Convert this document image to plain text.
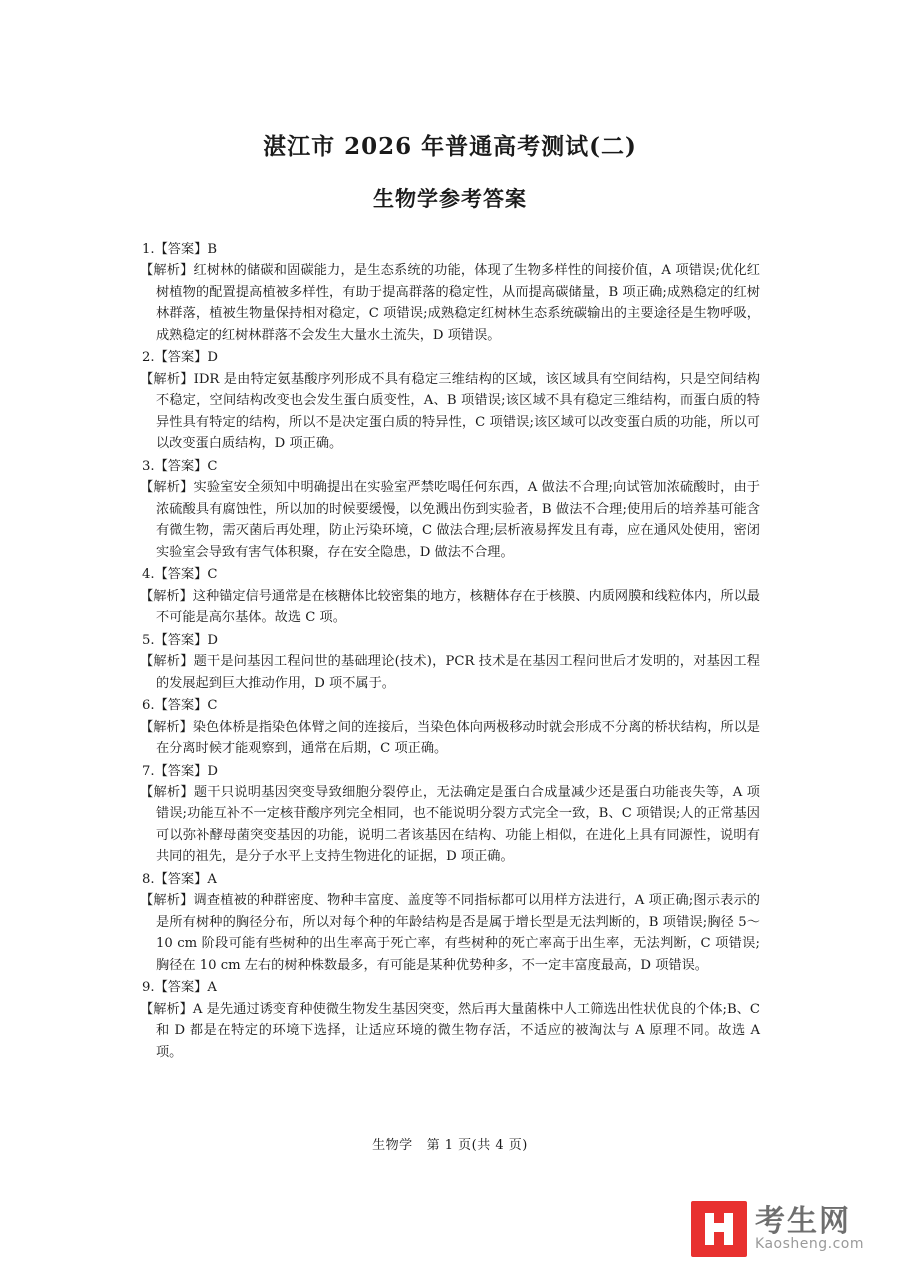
湛江市 2026 年普通高考测试(二)
生物学参考答案
1.【答案】B
【解析】红树林的储碳和固碳能力，是生态系统的功能，体现了生物多样性的间接价值，A 项错误;优化红树植物的配置提高植被多样性，有助于提高群落的稳定性，从而提高碳储量，B 项正确;成熟稳定的红树林群落，植被生物量保持相对稳定，C 项错误;成熟稳定红树林生态系统碳输出的主要途径是生物呼吸，成熟稳定的红树林群落不会发生大量水土流失，D 项错误。
2.【答案】D
【解析】IDR 是由特定氨基酸序列形成不具有稳定三维结构的区域，该区域具有空间结构，只是空间结构不稳定，空间结构改变也会发生蛋白质变性，A、B 项错误;该区域不具有稳定三维结构，而蛋白质的特异性具有特定的结构，所以不是决定蛋白质的特异性，C 项错误;该区域可以改变蛋白质的功能，所以可以改变蛋白质结构，D 项正确。
3.【答案】C
【解析】实验室安全须知中明确提出在实验室严禁吃喝任何东西，A 做法不合理;向试管加浓硫酸时，由于浓硫酸具有腐蚀性，所以加的时候要缓慢，以免溅出伤到实验者，B 做法不合理;使用后的培养基可能含有微生物，需灭菌后再处理，防止污染环境，C 做法合理;层析液易挥发且有毒，应在通风处使用，密闭实验室会导致有害气体积聚，存在安全隐患，D 做法不合理。
4.【答案】C
【解析】这种锚定信号通常是在核糖体比较密集的地方，核糖体存在于核膜、内质网膜和线粒体内，所以最不可能是高尔基体。故选 C 项。
5.【答案】D
【解析】题干是问基因工程问世的基础理论(技术)，PCR 技术是在基因工程问世后才发明的，对基因工程的发展起到巨大推动作用，D 项不属于。
6.【答案】C
【解析】染色体桥是指染色体臂之间的连接后，当染色体向两极移动时就会形成不分离的桥状结构，所以是在分离时候才能观察到，通常在后期，C 项正确。
7.【答案】D
【解析】题干只说明基因突变导致细胞分裂停止，无法确定是蛋白合成量减少还是蛋白功能丧失等，A 项错误;功能互补不一定核苷酸序列完全相同，也不能说明分裂方式完全一致，B、C 项错误;人的正常基因可以弥补酵母菌突变基因的功能，说明二者该基因在结构、功能上相似，在进化上具有同源性，说明有共同的祖先，是分子水平上支持生物进化的证据，D 项正确。
8.【答案】A
【解析】调查植被的种群密度、物种丰富度、盖度等不同指标都可以用样方法进行，A 项正确;图示表示的是所有树种的胸径分布，所以对每个种的年龄结构是否是属于增长型是无法判断的，B 项错误;胸径 5～10 cm 阶段可能有些树种的出生率高于死亡率，有些树种的死亡率高于出生率，无法判断，C 项错误;胸径在 10 cm 左右的树种株数最多，有可能是某种优势种多，不一定丰富度最高，D 项错误。
9.【答案】A
【解析】A 是先通过诱变育种使微生物发生基因突变，然后再大量菌株中人工筛选出性状优良的个体;B、C 和 D 都是在特定的环境下选择，让适应环境的微生物存活，不适应的被淘汰与 A 原理不同。故选 A 项。
生物学 第 1 页(共 4 页)
考生网
Kaosheng.com
